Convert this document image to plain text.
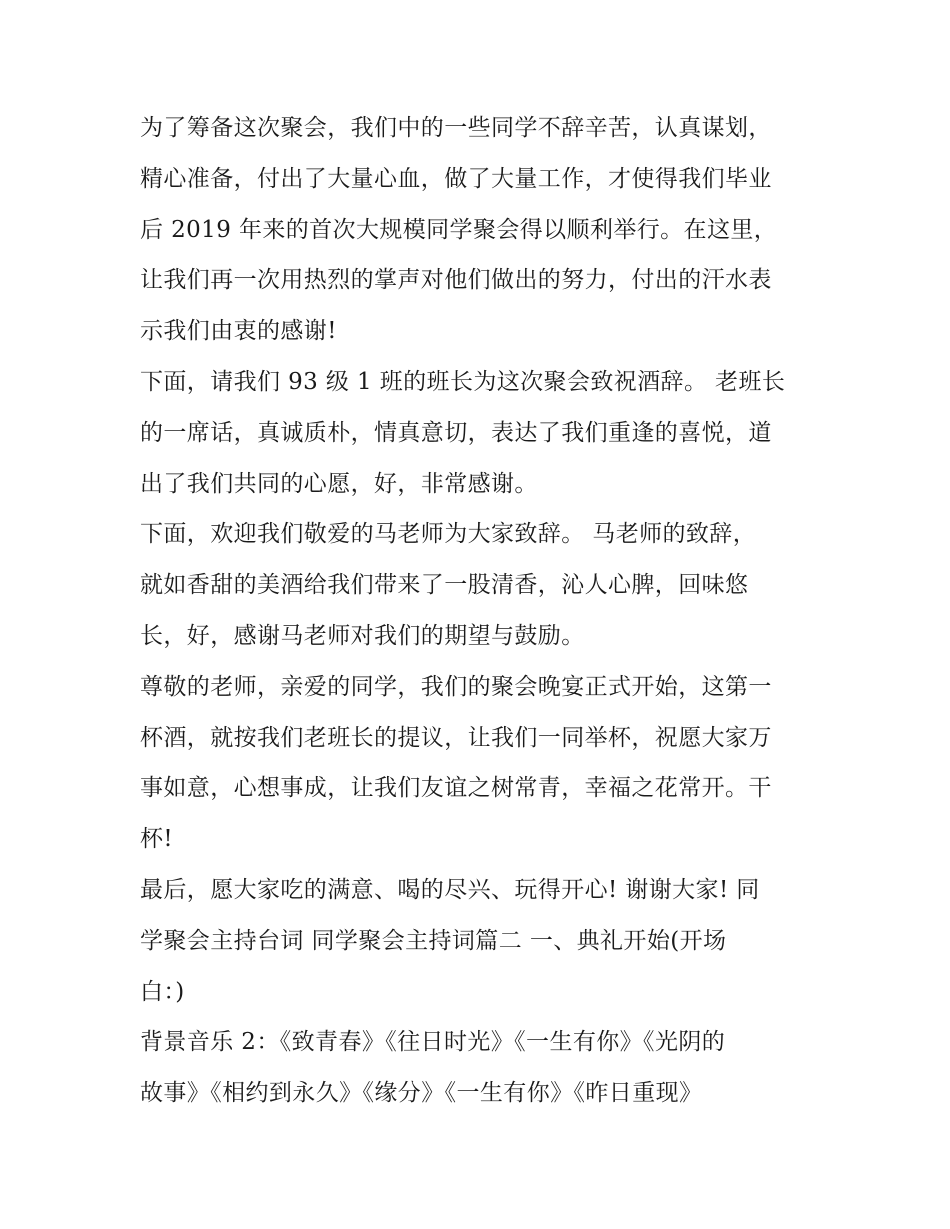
为了筹备这次聚会，我们中的一些同学不辞辛苦，认真谋划，
精心准备，付出了大量心血，做了大量工作，才使得我们毕业
后 2019 年来的首次大规模同学聚会得以顺利举行。在这里，
让我们再一次用热烈的掌声对他们做出的努力，付出的汗水表
示我们由衷的感谢!
下面，请我们 93 级 1 班的班长为这次聚会致祝酒辞。 老班长
的一席话，真诚质朴，情真意切，表达了我们重逢的喜悦，道
出了我们共同的心愿，好，非常感谢。
下面，欢迎我们敬爱的马老师为大家致辞。 马老师的致辞，
就如香甜的美酒给我们带来了一股清香，沁人心脾，回味悠
长，好，感谢马老师对我们的期望与鼓励。
尊敬的老师，亲爱的同学，我们的聚会晚宴正式开始，这第一
杯酒，就按我们老班长的提议，让我们一同举杯，祝愿大家万
事如意，心想事成，让我们友谊之树常青，幸福之花常开。干
杯!
最后，愿大家吃的满意、喝的尽兴、玩得开心! 谢谢大家! 同
学聚会主持台词 同学聚会主持词篇二 一、典礼开始(开场
白：)
背景音乐 2：《致青春》《往日时光》《一生有你》《光阴的
故事》《相约到永久》《缘分》《一生有你》《昨日重现》
